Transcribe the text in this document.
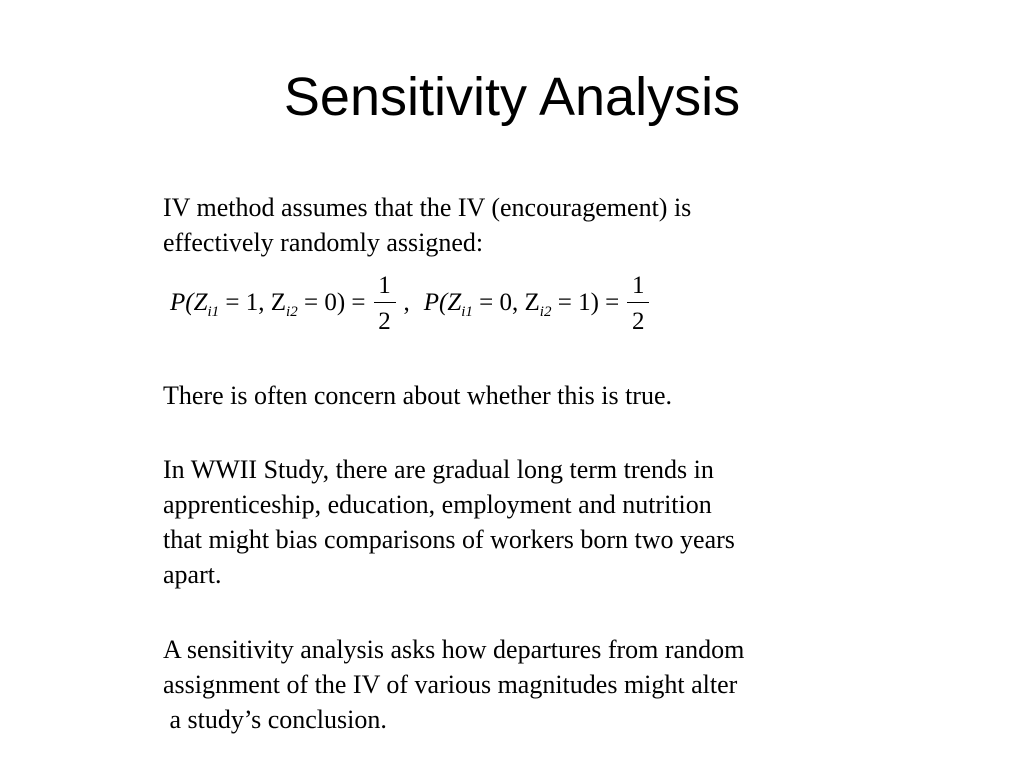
Sensitivity Analysis

IV method assumes that the IV (encouragement) is
effectively randomly assigned:

$P(Z_{i1} = 1$, $Z_{i2} = 0) = \frac{1}{2}$ , $P(Z_{i1} = 0$, $Z_{i2} = 1) = \frac{1}{2}$

There is often concern about whether this is true.

In WWII Study, there are gradual long term trends in
apprenticeship, education, employment and nutrition
that might bias comparisons of workers born two years
apart.

A sensitivity analysis asks how departures from random
assignment of the IV of various magnitudes might alter
a study’s conclusion.
